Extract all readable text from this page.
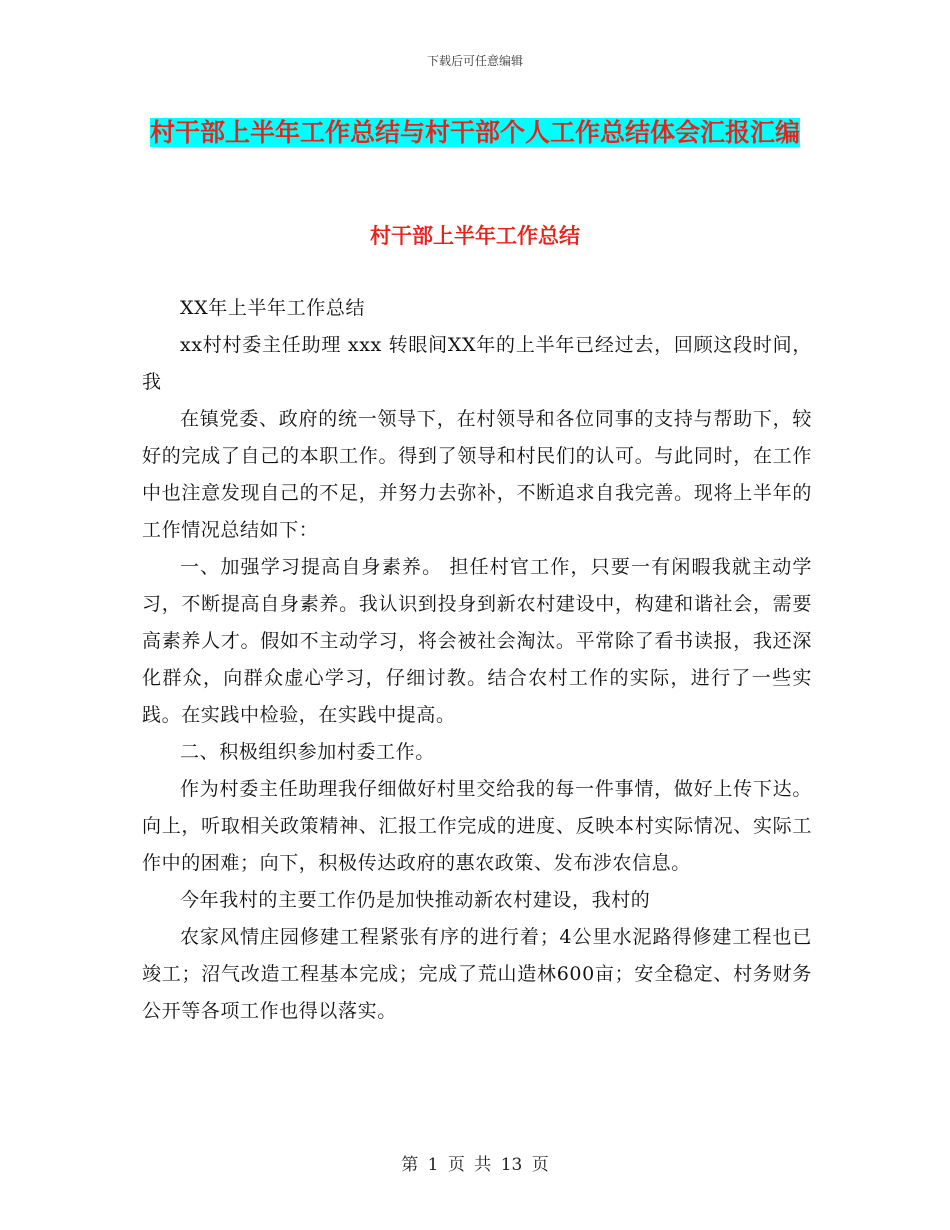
下载后可任意编辑
村干部上半年工作总结与村干部个人工作总结体会汇报汇编
村干部上半年工作总结

XX年上半年工作总结

xx村村委主任助理 xxx 转眼间XX年的上半年已经过去，回顾这段时间，我

在镇党委、政府的统一领导下，在村领导和各位同事的支持与帮助下，较好的完成了自己的本职工作。得到了领导和村民们的认可。与此同时，在工作中也注意发现自己的不足，并努力去弥补，不断追求自我完善。现将上半年的工作情况总结如下：

一、加强学习提高自身素养。 担任村官工作，只要一有闲暇我就主动学习，不断提高自身素养。我认识到投身到新农村建设中，构建和谐社会，需要高素养人才。假如不主动学习，将会被社会淘汰。平常除了看书读报，我还深化群众，向群众虚心学习，仔细讨教。结合农村工作的实际，进行了一些实践。在实践中检验，在实践中提高。

二、积极组织参加村委工作。

作为村委主任助理我仔细做好村里交给我的每一件事情，做好上传下达。向上，听取相关政策精神、汇报工作完成的进度、反映本村实际情况、实际工作中的困难；向下，积极传达政府的惠农政策、发布涉农信息。

今年我村的主要工作仍是加快推动新农村建设，我村的

农家风情庄园修建工程紧张有序的进行着；4公里水泥路得修建工程也已竣工；沼气改造工程基本完成；完成了荒山造林600亩；安全稳定、村务财务公开等各项工作也得以落实。

第 1 页 共 13 页
